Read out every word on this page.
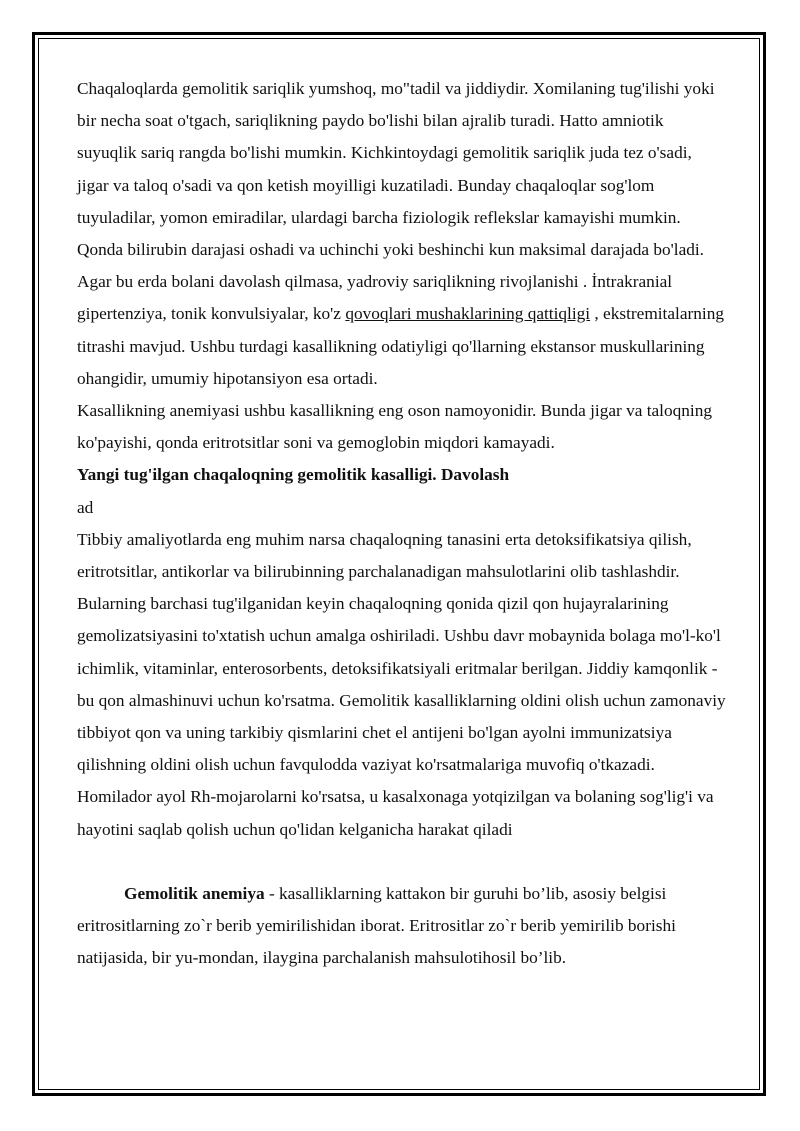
Chaqaloqlarda gemolitik sariqlik yumshoq, mo"tadil va jiddiydir. Xomilaning tug'ilishi yoki bir necha soat o'tgach, sariqlikning paydo bo'lishi bilan ajralib turadi. Hatto amniotik suyuqlik sariq rangda bo'lishi mumkin. Kichkintoydagi gemolitik sariqlik juda tez o'sadi, jigar va taloq o'sadi va qon ketish moyilligi kuzatiladi. Bunday chaqaloqlar sog'lom tuyuladilar, yomon emiradilar, ulardagi barcha fiziologik reflekslar kamayishi mumkin. Qonda bilirubin darajasi oshadi va uchinchi yoki beshinchi kun maksimal darajada bo'ladi. Agar bu erda bolani davolash qilmasa, yadroviy sariqlikning rivojlanishi . İntrakranial gipertenziya, tonik konvulsiyalar, ko'z qovoqlari mushaklarining qattiqligi , ekstremitalarning titrashi mavjud. Ushbu turdagi kasallikning odatiyligi qo'llarning ekstansor muskullarining ohangidir, umumiy hipotansiyon esa ortadi.

Kasallikning anemiyasi ushbu kasallikning eng oson namoyonidir. Bunda jigar va taloqning ko'payishi, qonda eritrotsitlar soni va gemoglobin miqdori kamayadi.

Yangi tug'ilgan chaqaloqning gemolitik kasalligi. Davolash

ad

Tibbiy amaliyotlarda eng muhim narsa chaqaloqning tanasini erta detoksifikatsiya qilish, eritrotsitlar, antikorlar va bilirubinning parchalanadigan mahsulotlarini olib tashlashdir. Bularning barchasi tug'ilganidan keyin chaqaloqning qonida qizil qon hujayralarining gemolizatsiyasini to'xtatish uchun amalga oshiriladi. Ushbu davr mobaynida bolaga mo'l-ko'l ichimlik, vitaminlar, enterosorbents, detoksifikatsiyali eritmalar berilgan. Jiddiy kamqonlik - bu qon almashinuvi uchun ko'rsatma. Gemolitik kasalliklarning oldini olish uchun zamonaviy tibbiyot qon va uning tarkibiy qismlarini chet el antijeni bo'lgan ayolni immunizatsiya qilishning oldini olish uchun favqulodda vaziyat ko'rsatmalariga muvofiq o'tkazadi. Homilador ayol Rh-mojarolarni ko'rsatsa, u kasalxonaga yotqizilgan va bolaning sog'lig'i va hayotini saqlab qolish uchun qo'lidan kelganicha harakat qiladi

Gemolitik anemiya - kasalliklarning kattakon bir guruhi bo’lib, asosiy belgisi eritrositlarning zo`r berib yemirilishidan iborat. Eritrositlar zo`r berib yemirilib borishi natijasida, bir yu-mondan, ilaygina parchalanish mahsulotihosil bo’lib.
